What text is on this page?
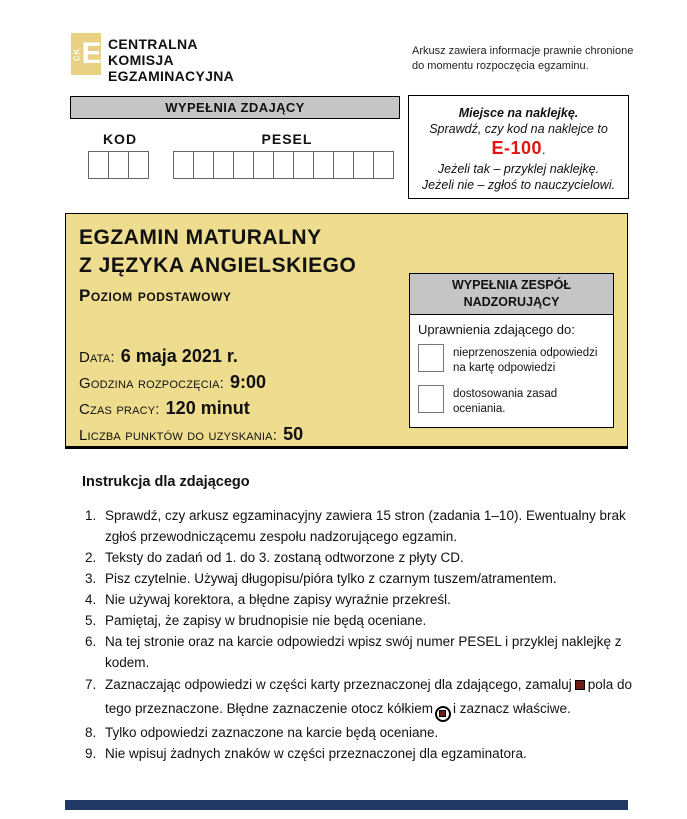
CK E CENTRALNA
KOMISJA
EGZAMINACYJNA
Arkusz zawiera informacje prawnie chronione
do momentu rozpoczęcia egzaminu.
WYPEŁNIA ZDAJĄCY
KOD	PESEL
Miejsce na naklejkę.
Sprawdź, czy kod na naklejce to
E-100.
Jeżeli tak – przyklej naklejkę.
Jeżeli nie – zgłoś to nauczycielowi.
EGZAMIN MATURALNY
Z JĘZYKA ANGIELSKIEGO
Poziom podstawowy
Data: 6 maja 2021 r.
Godzina rozpoczęcia: 9:00
Czas pracy: 120 minut
Liczba punktów do uzyskania: 50
WYPEŁNIA ZESPÓŁ
NADZORUJĄCY
Uprawnienia zdającego do:
nieprzenoszenia odpowiedzi na kartę odpowiedzi
dostosowania zasad oceniania.
Instrukcja dla zdającego
1. Sprawdź, czy arkusz egzaminacyjny zawiera 15 stron (zadania 1–10). Ewentualny brak zgłoś przewodniczącemu zespołu nadzorującego egzamin.
2. Teksty do zadań od 1. do 3. zostaną odtworzone z płyty CD.
3. Pisz czytelnie. Używaj długopisu/pióra tylko z czarnym tuszem/atramentem.
4. Nie używaj korektora, a błędne zapisy wyraźnie przekreśl.
5. Pamiętaj, że zapisy w brudnopisie nie będą oceniane.
6. Na tej stronie oraz na karcie odpowiedzi wpisz swój numer PESEL i przyklej naklejkę z kodem.
7. Zaznaczając odpowiedzi w części karty przeznaczonej dla zdającego, zamaluj pola do tego przeznaczone. Błędne zaznaczenie otocz kółkiem i zaznacz właściwe.
8. Tylko odpowiedzi zaznaczone na karcie będą oceniane.
9. Nie wpisuj żadnych znaków w części przeznaczonej dla egzaminatora.
